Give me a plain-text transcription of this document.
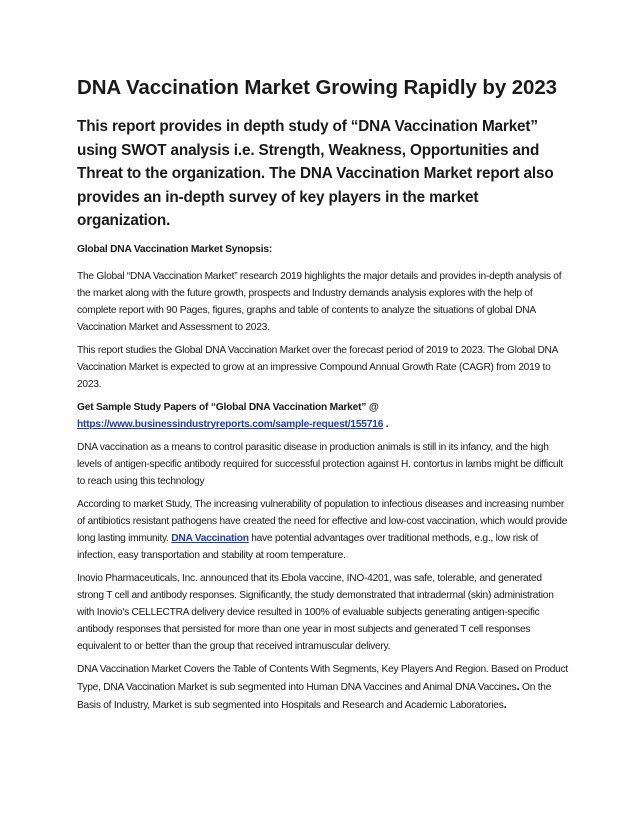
DNA Vaccination Market Growing Rapidly by 2023
This report provides in depth study of “DNA Vaccination Market” using SWOT analysis i.e. Strength, Weakness, Opportunities and Threat to the organization. The DNA Vaccination Market report also provides an in-depth survey of key players in the market organization.
Global DNA Vaccination Market Synopsis:

The Global “DNA Vaccination Market” research 2019 highlights the major details and provides in-depth analysis of the market along with the future growth, prospects and Industry demands analysis explores with the help of complete report with 90 Pages, figures, graphs and table of contents to analyze the situations of global DNA Vaccination Market and Assessment to 2023.

This report studies the Global DNA Vaccination Market over the forecast period of 2019 to 2023. The Global DNA Vaccination Market is expected to grow at an impressive Compound Annual Growth Rate (CAGR) from 2019 to 2023.

Get Sample Study Papers of “Global DNA Vaccination Market” @
https://www.businessindustryreports.com/sample-request/155716 .

DNA vaccination as a means to control parasitic disease in production animals is still in its infancy, and the high levels of antigen-specific antibody required for successful protection against H. contortus in lambs might be difficult to reach using this technology

According to market Study, The increasing vulnerability of population to infectious diseases and increasing number of antibiotics resistant pathogens have created the need for effective and low-cost vaccination, which would provide long lasting immunity. DNA Vaccination have potential advantages over traditional methods, e.g., low risk of infection, easy transportation and stability at room temperature.

Inovio Pharmaceuticals, Inc. announced that its Ebola vaccine, INO-4201, was safe, tolerable, and generated strong T cell and antibody responses. Significantly, the study demonstrated that intradermal (skin) administration with Inovio's CELLECTRA delivery device resulted in 100% of evaluable subjects generating antigen-specific antibody responses that persisted for more than one year in most subjects and generated T cell responses equivalent to or better than the group that received intramuscular delivery.

DNA Vaccination Market Covers the Table of Contents With Segments, Key Players And Region. Based on Product Type, DNA Vaccination Market is sub segmented into Human DNA Vaccines and Animal DNA Vaccines. On the Basis of Industry, Market is sub segmented into Hospitals and Research and Academic Laboratories.
